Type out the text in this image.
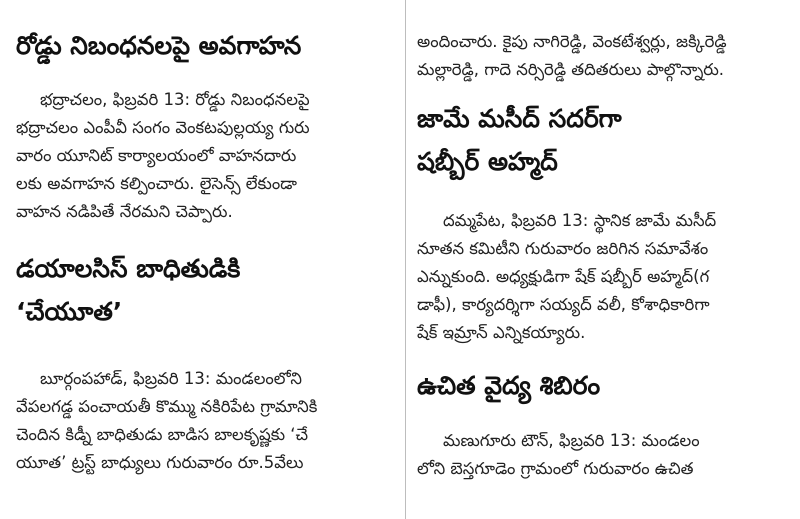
రోడ్డు నిబంధనలపై అవగాహన
భద్రాచలం, ఫిబ్రవరి 13: రోడ్డు నిబంధనలపై
భద్రాచలం ఎంపీవీ సంగం వెంకటపుల్లయ్య గురు
వారం యూనిట్ కార్యాలయంలో వాహనదారు
లకు అవగాహన కల్పించారు. లైసెన్స్ లేకుండా
వాహన నడిపితే నేరమని చెప్పారు.
డయాలసిస్ బాధితుడికి
‘చేయూత’
బూర్గంపహాడ్, ఫిబ్రవరి 13: మండలంలోని
వేపలగడ్డ పంచాయతీ కొమ్ము నకిరిపేట గ్రామానికి
చెందిన కిడ్నీ బాధితుడు బాడిస బాలకృష్ణకు ‘చే
యూత’ ట్రస్ట్ బాధ్యులు గురువారం రూ.5వేలు
అందించారు. కైపు నాగిరెడ్డి, వెంకటేశ్వర్లు, జక్కిరెడ్డి
మల్లారెడ్డి, గాదె నర్సిరెడ్డి తదితరులు పాల్గొన్నారు.
జామే మసీద్ సదర్‌గా
షబ్బీర్ అహ్మద్
దమ్మపేట, ఫిబ్రవరి 13: స్థానిక జామే మసీద్
నూతన కమిటీని గురువారం జరిగిన సమావేశం
ఎన్నుకుంది. అధ్యక్షుడిగా షేక్ షబ్బీర్ అహ్మద్(గ
డాఫీ), కార్యదర్శిగా సయ్యద్ వలీ, కోశాధికారిగా
షేక్ ఇమ్రాన్ ఎన్నికయ్యారు.
ఉచిత వైద్య శిబిరం
మణుగూరు టౌన్, ఫిబ్రవరి 13: మండలం
లోని బెస్తగూడెం గ్రామంలో గురువారం ఉచిత
